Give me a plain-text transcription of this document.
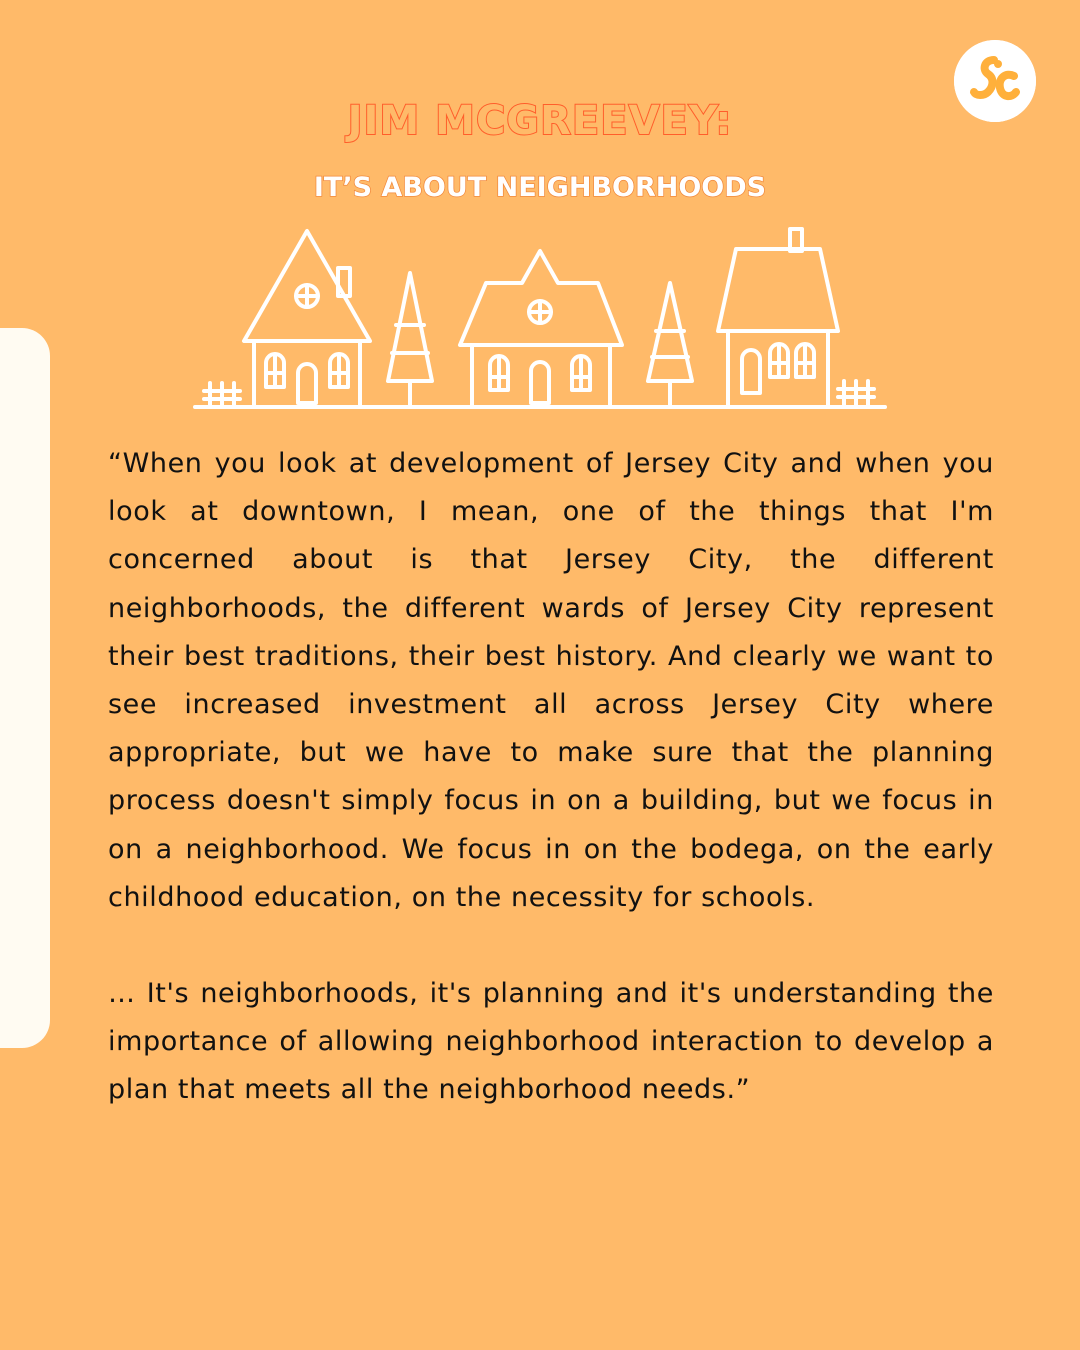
JIM MCGREEVEY:
IT’S ABOUT NEIGHBORHOODS

“When you look at development of Jersey City and when you look at downtown, I mean, one of the things that I'm concerned about is that Jersey City, the different neighborhoods, the different wards of Jersey City represent their best traditions, their best history. And clearly we want to see increased investment all across Jersey City where appropriate, but we have to make sure that the planning process doesn't simply focus in on a building, but we focus in on a neighborhood. We focus in on the bodega, on the early childhood education, on the necessity for schools.

… It's neighborhoods, it's planning and it's understanding the importance of allowing neighborhood interaction to develop a plan that meets all the neighborhood needs.”
